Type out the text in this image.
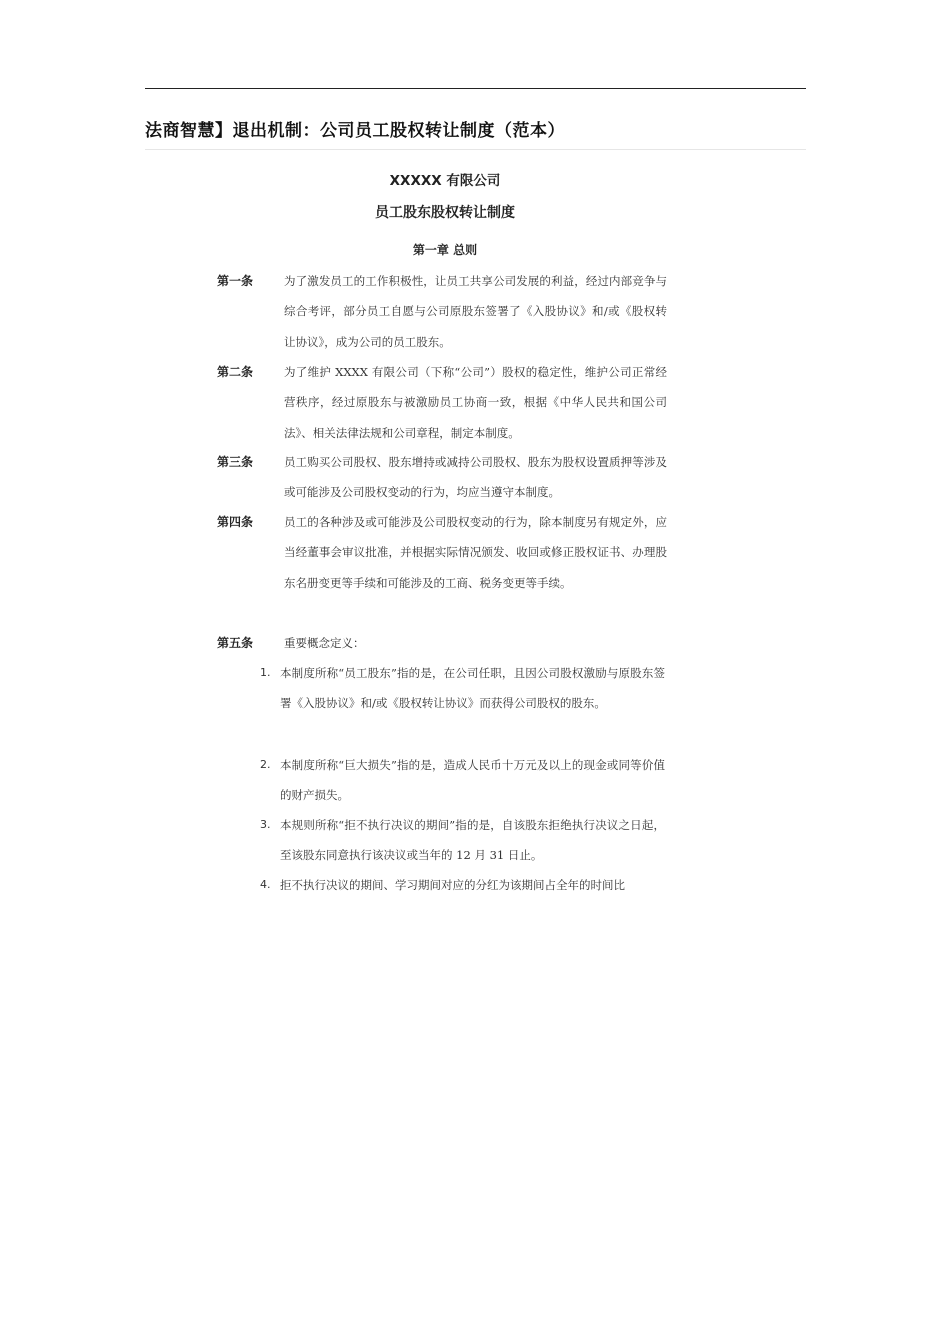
法商智慧】退出机制：公司员工股权转让制度（范本）
XXXXX 有限公司
员工股东股权转让制度
第一章 总则
第一条	为了激发员工的工作积极性，让员工共享公司发展的利益，经过内部竞争与综合考评，部分员工自愿与公司原股东签署了《入股协议》和/或《股权转让协议》，成为公司的员工股东。
第二条	为了维护 XXXX 有限公司（下称“公司”）股权的稳定性，维护公司正常经营秩序，经过原股东与被激励员工协商一致，根据《中华人民共和国公司法》、相关法律法规和公司章程，制定本制度。
第三条	员工购买公司股权、股东增持或减持公司股权、股东为股权设置质押等涉及或可能涉及公司股权变动的行为，均应当遵守本制度。
第四条	员工的各种涉及或可能涉及公司股权变动的行为，除本制度另有规定外，应当经董事会审议批准，并根据实际情况颁发、收回或修正股权证书、办理股东名册变更等手续和可能涉及的工商、税务变更等手续。
第五条	重要概念定义：
1. 本制度所称“员工股东”指的是，在公司任职，且因公司股权激励与原股东签署《入股协议》和/或《股权转让协议》而获得公司股权的股东。
2. 本制度所称“巨大损失”指的是，造成人民币十万元及以上的现金或同等价值的财产损失。
3. 本规则所称“拒不执行决议的期间”指的是，自该股东拒绝执行决议之日起，至该股东同意执行该决议或当年的 12 月 31 日止。
4. 拒不执行决议的期间、学习期间对应的分红为该期间占全年的时间比
